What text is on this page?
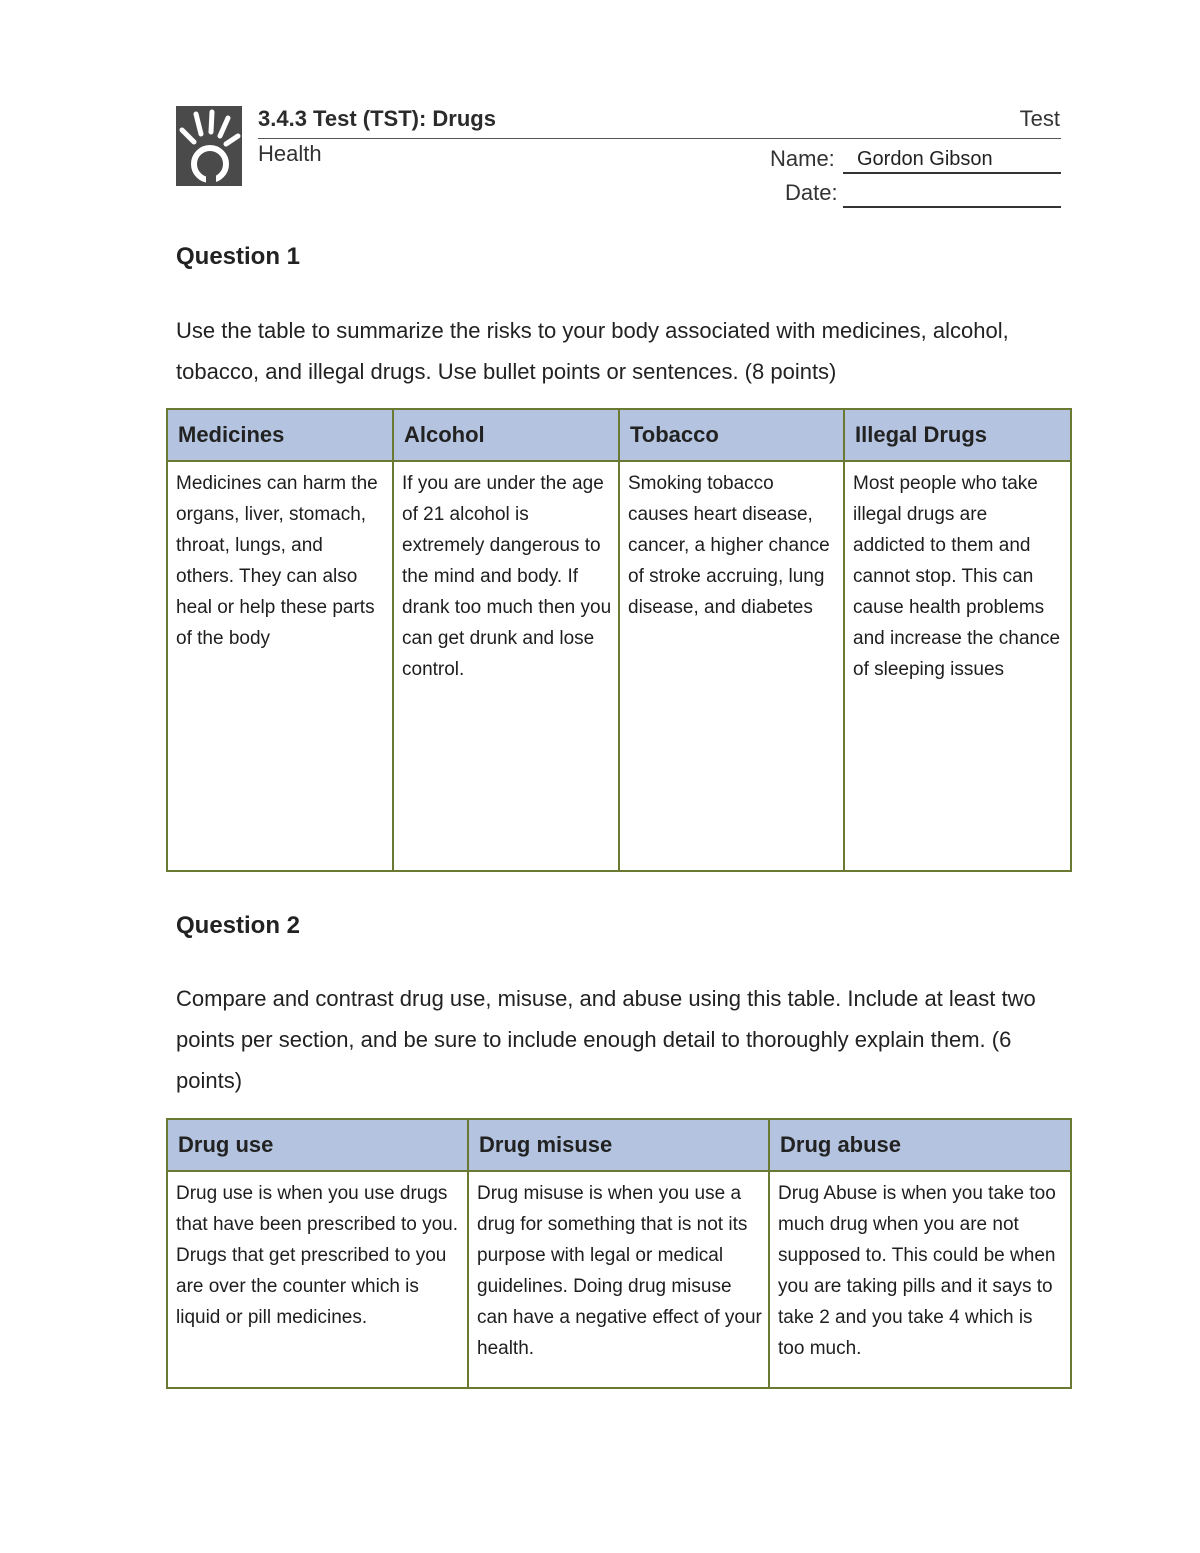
3.4.3 Test (TST): Drugs	Test
Health	Name: Gordon Gibson
Date:
Question 1
Use the table to summarize the risks to your body associated with medicines, alcohol, tobacco, and illegal drugs. Use bullet points or sentences. (8 points)
Medicines	Alcohol	Tobacco	Illegal Drugs

Medicines can harm the organs, liver, stomach, throat, lungs, and others. They can also heal or help these parts of the body	If you are under the age of 21 alcohol is extremely dangerous to the mind and body. If drank too much then you can get drunk and lose control.	Smoking tobacco causes heart disease, cancer, a higher chance of stroke accruing, lung disease, and diabetes	Most people who take illegal drugs are addicted to them and cannot stop. This can cause health problems and increase the chance of sleeping issues
Question 2
Compare and contrast drug use, misuse, and abuse using this table. Include at least two points per section, and be sure to include enough detail to thoroughly explain them. (6 points)
Drug use	Drug misuse	Drug abuse

Drug use is when you use drugs that have been prescribed to you. Drugs that get prescribed to you are over the counter which is liquid or pill medicines.	Drug misuse is when you use a drug for something that is not its purpose with legal or medical guidelines. Doing drug misuse can have a negative effect of your health.	Drug Abuse is when you take too much drug when you are not supposed to. This could be when you are taking pills and it says to take 2 and you take 4 which is too much.
